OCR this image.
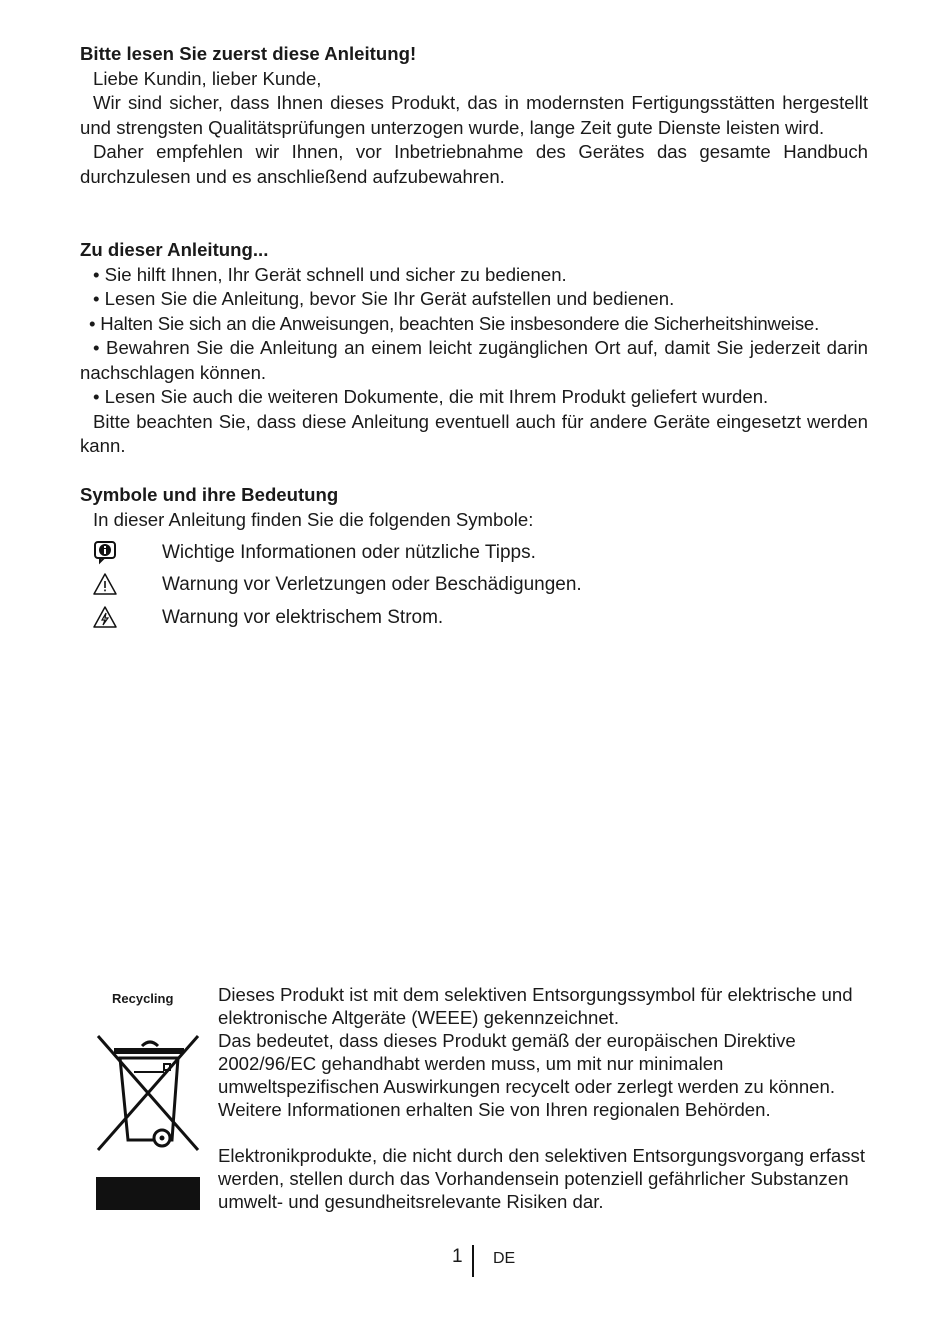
Bitte lesen Sie zuerst diese Anleitung!

Liebe Kundin, lieber Kunde,

Wir sind sicher, dass Ihnen dieses Produkt, das in modernsten Fertigungsstätten hergestellt und strengsten Qualitätsprüfungen unterzogen wurde, lange Zeit gute Dienste leisten wird.

Daher empfehlen wir Ihnen, vor Inbetriebnahme des Gerätes das gesamte Handbuch durchzulesen und es anschließend aufzubewahren.

Zu dieser Anleitung...

• Sie hilft Ihnen, Ihr Gerät schnell und sicher zu bedienen.

• Lesen Sie die Anleitung, bevor Sie Ihr Gerät aufstellen und bedienen.

• Halten Sie sich an die Anweisungen, beachten Sie insbesondere die Sicherheitshinweise.

• Bewahren Sie die Anleitung an einem leicht zugänglichen Ort auf, damit Sie jederzeit darin nachschlagen können.

• Lesen Sie auch die weiteren Dokumente, die mit Ihrem Produkt geliefert wurden.

Bitte beachten Sie, dass diese Anleitung eventuell auch für andere Geräte eingesetzt werden kann.

Symbole und ihre Bedeutung

In dieser Anleitung finden Sie die folgenden Symbole:

Wichtige Informationen oder nützliche Tipps.
Warnung vor Verletzungen oder Beschädigungen.
Warnung vor elektrischem Strom.
Recycling Dieses Produkt ist mit dem selektiven Entsorgungssymbol für elektrische und elektronische Altgeräte (WEEE) gekennzeichnet.

Das bedeutet, dass dieses Produkt gemäß der europäischen Direktive 2002/96/EC gehandhabt werden muss, um mit nur minimalen umweltspezifischen Auswirkungen recycelt oder zerlegt werden zu können.

Weitere Informationen erhalten Sie von Ihren regionalen Behörden.

Elektronikprodukte, die nicht durch den selektiven Entsorgungsvorgang erfasst werden, stellen durch das Vorhandensein potenziell gefährlicher Substanzen umwelt- und gesundheitsrelevante Risiken dar.

1 DE
